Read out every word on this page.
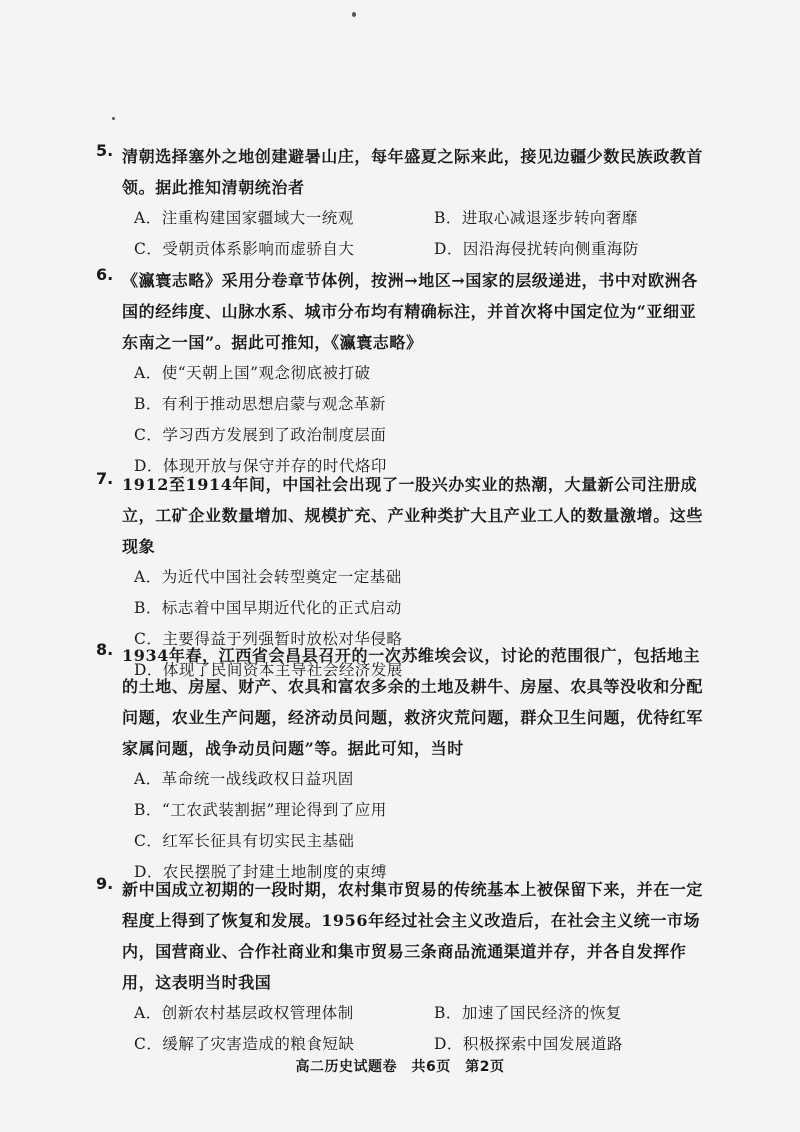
5. 清朝选择塞外之地创建避暑山庄，每年盛夏之际来此，接见边疆少数民族政教首领。据此推知清朝统治者
A．注重构建国家疆域大一统观	B．进取心减退逐步转向奢靡
C．受朝贡体系影响而虚骄自大	D．因沿海侵扰转向侧重海防
6. 《瀛寰志略》采用分卷章节体例，按洲→地区→国家的层级递进，书中对欧洲各国的经纬度、山脉水系、城市分布均有精确标注，并首次将中国定位为“亚细亚东南之一国”。据此可推知，《瀛寰志略》
A．使“天朝上国”观念彻底被打破
B．有利于推动思想启蒙与观念革新
C．学习西方发展到了政治制度层面
D．体现开放与保守并存的时代烙印
7. 1912至1914年间，中国社会出现了一股兴办实业的热潮，大量新公司注册成立，工矿企业数量增加、规模扩充、产业种类扩大且产业工人的数量激增。这些现象
A．为近代中国社会转型奠定一定基础
B．标志着中国早期近代化的正式启动
C．主要得益于列强暂时放松对华侵略
D．体现了民间资本主导社会经济发展
8. 1934年春，江西省会昌县召开的一次苏维埃会议，讨论的范围很广，包括地主的土地、房屋、财产、农具和富农多余的土地及耕牛、房屋、农具等没收和分配问题，农业生产问题，经济动员问题，救济灾荒问题，群众卫生问题，优待红军家属问题，战争动员问题”等。据此可知，当时
A．革命统一战线政权日益巩固
B．“工农武装割据”理论得到了应用
C．红军长征具有切实民主基础
D．农民摆脱了封建土地制度的束缚
9. 新中国成立初期的一段时期，农村集市贸易的传统基本上被保留下来，并在一定程度上得到了恢复和发展。1956年经过社会主义改造后，在社会主义统一市场内，国营商业、合作社商业和集市贸易三条商品流通渠道并存，并各自发挥作用，这表明当时我国
A．创新农村基层政权管理体制	B．加速了国民经济的恢复
C．缓解了灾害造成的粮食短缺	D．积极探索中国发展道路
高二历史试题卷　共6页　第2页
